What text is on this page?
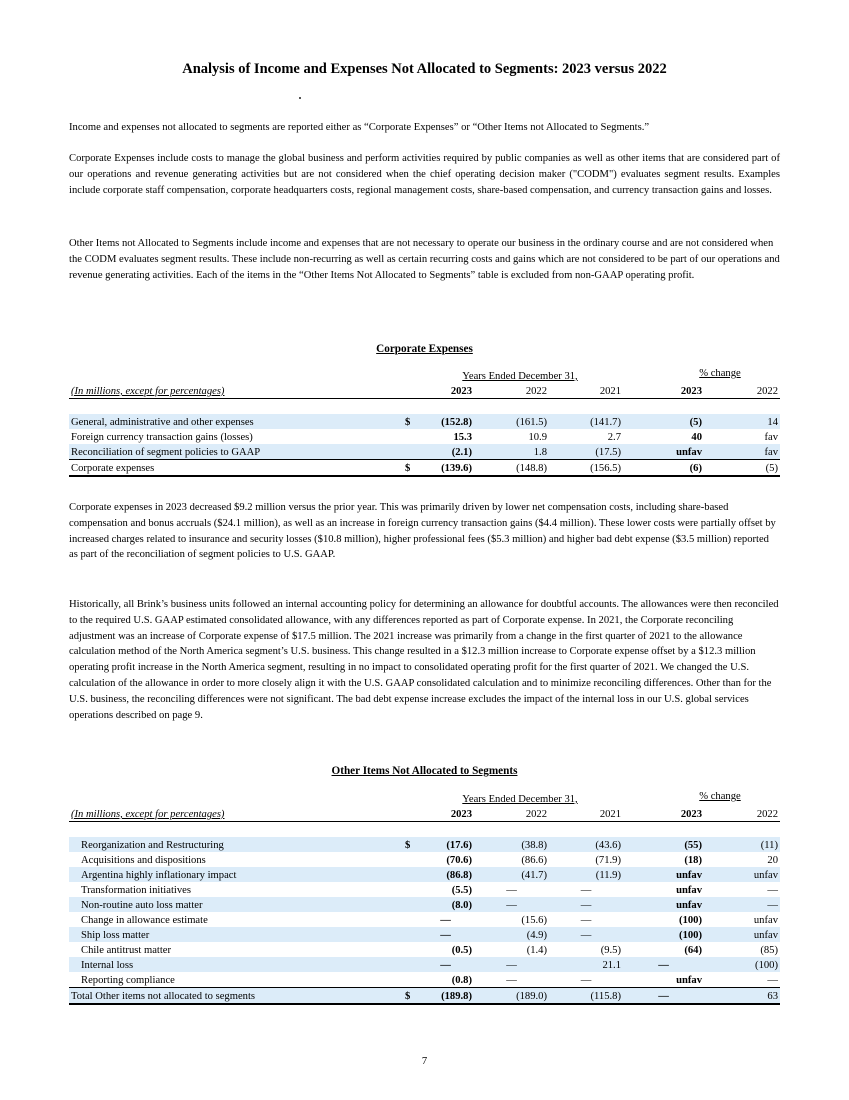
Analysis of Income and Expenses Not Allocated to Segments: 2023 versus 2022

Income and expenses not allocated to segments are reported either as “Corporate Expenses” or “Other Items not Allocated to Segments.”

Corporate Expenses include costs to manage the global business and perform activities required by public companies as well as other items that are considered part of our operations and revenue generating activities but are not considered when the chief operating decision maker ("CODM") evaluates segment results. Examples include corporate staff compensation, corporate headquarters costs, regional management costs, share-based compensation, and currency transaction gains and losses.

Other Items not Allocated to Segments include income and expenses that are not necessary to operate our business in the ordinary course and are not considered when the CODM evaluates segment results. These include non-recurring as well as certain recurring costs and gains which are not considered to be part of our operations and revenue generating activities. Each of the items in the “Other Items Not Allocated to Segments” table is excluded from non-GAAP operating profit.

Corporate Expenses

		Years Ended December 31,				

(In millions, except for percentages)		2023	2022	2021	2023	2022

General, administrative and other expenses	$	(152.8)	(161.5)	(141.7)	(5)	14
Foreign currency transaction gains (losses)		15.3	10.9	2.7	40	fav
Reconciliation of segment policies to GAAP		(2.1)	1.8	(17.5)	unfav	fav
Corporate expenses	$	(139.6)	(148.8)	(156.5)	(6)	(5)
% change

Corporate expenses in 2023 decreased $9.2 million versus the prior year. This was primarily driven by lower net compensation costs, including share-based compensation and bonus accruals ($24.1 million), as well as an increase in foreign currency transaction gains ($4.4 million). These lower costs were partially offset by increased charges related to insurance and security losses ($10.8 million), higher professional fees ($5.3 million) and higher bad debt expense ($3.5 million) reported as part of the reconciliation of segment policies to U.S. GAAP.

Historically, all Brink’s business units followed an internal accounting policy for determining an allowance for doubtful accounts. The allowances were then reconciled to the required U.S. GAAP estimated consolidated allowance, with any differences reported as part of Corporate expense. In 2021, the Corporate reconciling adjustment was an increase of Corporate expense of $17.5 million. The 2021 increase was primarily from a change in the first quarter of 2021 to the allowance calculation method of the North America segment’s U.S. business. This change resulted in a $12.3 million increase to Corporate expense offset by a $12.3 million operating profit increase in the North America segment, resulting in no impact to consolidated operating profit for the first quarter of 2021. We changed the U.S. calculation of the allowance in order to more closely align it with the U.S. GAAP consolidated calculation and to minimize reconciling differences. Other than for the U.S. business, the reconciling differences were not significant. The bad debt expense increase excludes the impact of the internal loss in our U.S. global services operations described on page 9.

Other Items Not Allocated to Segments

		Years Ended December 31,				

(In millions, except for percentages)		2023	2022	2021	2023	2022

Reorganization and Restructuring	$	(17.6)	(38.8)	(43.6)	(55)	(11)
Acquisitions and dispositions		(70.6)	(86.6)	(71.9)	(18)	20
Argentina highly inflationary impact		(86.8)	(41.7)	(11.9)	unfav	unfav
Transformation initiatives		(5.5)	—	—	unfav	—
Non-routine auto loss matter		(8.0)	—	—	unfav	—
Change in allowance estimate		—	(15.6)	—	(100)	unfav
Ship loss matter		—	(4.9)	—	(100)	unfav
Chile antitrust matter		(0.5)	(1.4)	(9.5)	(64)	(85)
Internal loss		—	—	21.1	—	(100)
Reporting compliance		(0.8)	—	—	unfav	—
Total Other items not allocated to segments	$	(189.8)	(189.0)	(115.8)	—	63
% change
7
